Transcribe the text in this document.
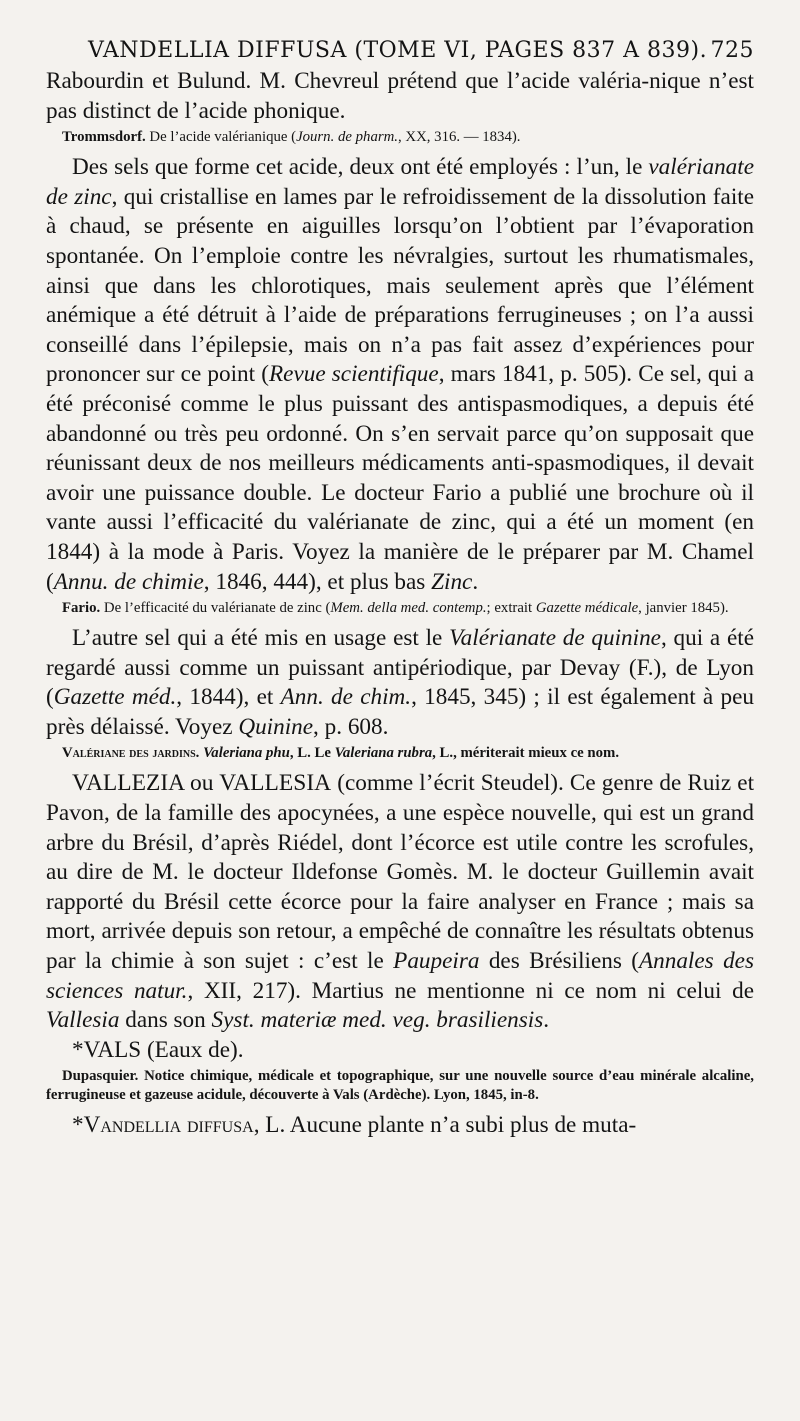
VANDELLIA DIFFUSA (TOME VI, PAGES 837 A 839). 725

Rabourdin et Bulund. M. Chevreul prétend que l’acide valéria-nique n’est pas distinct de l’acide phonique.

Trommsdorf. De l’acide valérianique (Journ. de pharm., XX, 316. — 1834).

Des sels que forme cet acide, deux ont été employés : l’un, le valérianate de zinc, qui cristallise en lames par le refroidissement de la dissolution faite à chaud, se présente en aiguilles lorsqu’on l’obtient par l’évaporation spontanée. On l’emploie contre les névralgies, surtout les rhumatismales, ainsi que dans les chlorotiques, mais seulement après que l’élément anémique a été détruit à l’aide de préparations ferrugineuses ; on l’a aussi conseillé dans l’épilepsie, mais on n’a pas fait assez d’expériences pour prononcer sur ce point (Revue scientifique, mars 1841, p. 505). Ce sel, qui a été préconisé comme le plus puissant des antispasmodiques, a depuis été abandonné ou très peu ordonné. On s’en servait parce qu’on supposait que réunissant deux de nos meilleurs médicaments anti-spasmodiques, il devait avoir une puissance double. Le docteur Fario a publié une brochure où il vante aussi l’efficacité du valérianate de zinc, qui a été un moment (en 1844) à la mode à Paris. Voyez la manière de le préparer par M. Chamel (Annu. de chimie, 1846, 444), et plus bas Zinc.

Fario. De l’efficacité du valérianate de zinc (Mem. della med. contemp.; extrait Gazette médicale, janvier 1845).

L’autre sel qui a été mis en usage est le Valérianate de quinine, qui a été regardé aussi comme un puissant antipériodique, par Devay (F.), de Lyon (Gazette méd., 1844), et Ann. de chim., 1845, 345) ; il est également à peu près délaissé. Voyez Quinine, p. 608.

Valériane des jardins. Valeriana phu, L. Le Valeriana rubra, L., mériterait mieux ce nom.

VALLEZIA ou VALLESIA (comme l’écrit Steudel). Ce genre de Ruiz et Pavon, de la famille des apocynées, a une espèce nouvelle, qui est un grand arbre du Brésil, d’après Riédel, dont l’écorce est utile contre les scrofules, au dire de M. le docteur Ildefonse Gomès. M. le docteur Guillemin avait rapporté du Brésil cette écorce pour la faire analyser en France ; mais sa mort, arrivée depuis son retour, a empêché de connaître les résultats obtenus par la chimie à son sujet : c’est le Paupeira des Brésiliens (Annales des sciences natur., XII, 217). Martius ne mentionne ni ce nom ni celui de Vallesia dans son Syst. materiæ med. veg. brasiliensis.

*VALS (Eaux de).

Dupasquier. Notice chimique, médicale et topographique, sur une nouvelle source d’eau minérale alcaline, ferrugineuse et gazeuse acidule, découverte à Vals (Ardèche). Lyon, 1845, in-8.

*Vandellia diffusa, L. Aucune plante n’a subi plus de muta-
